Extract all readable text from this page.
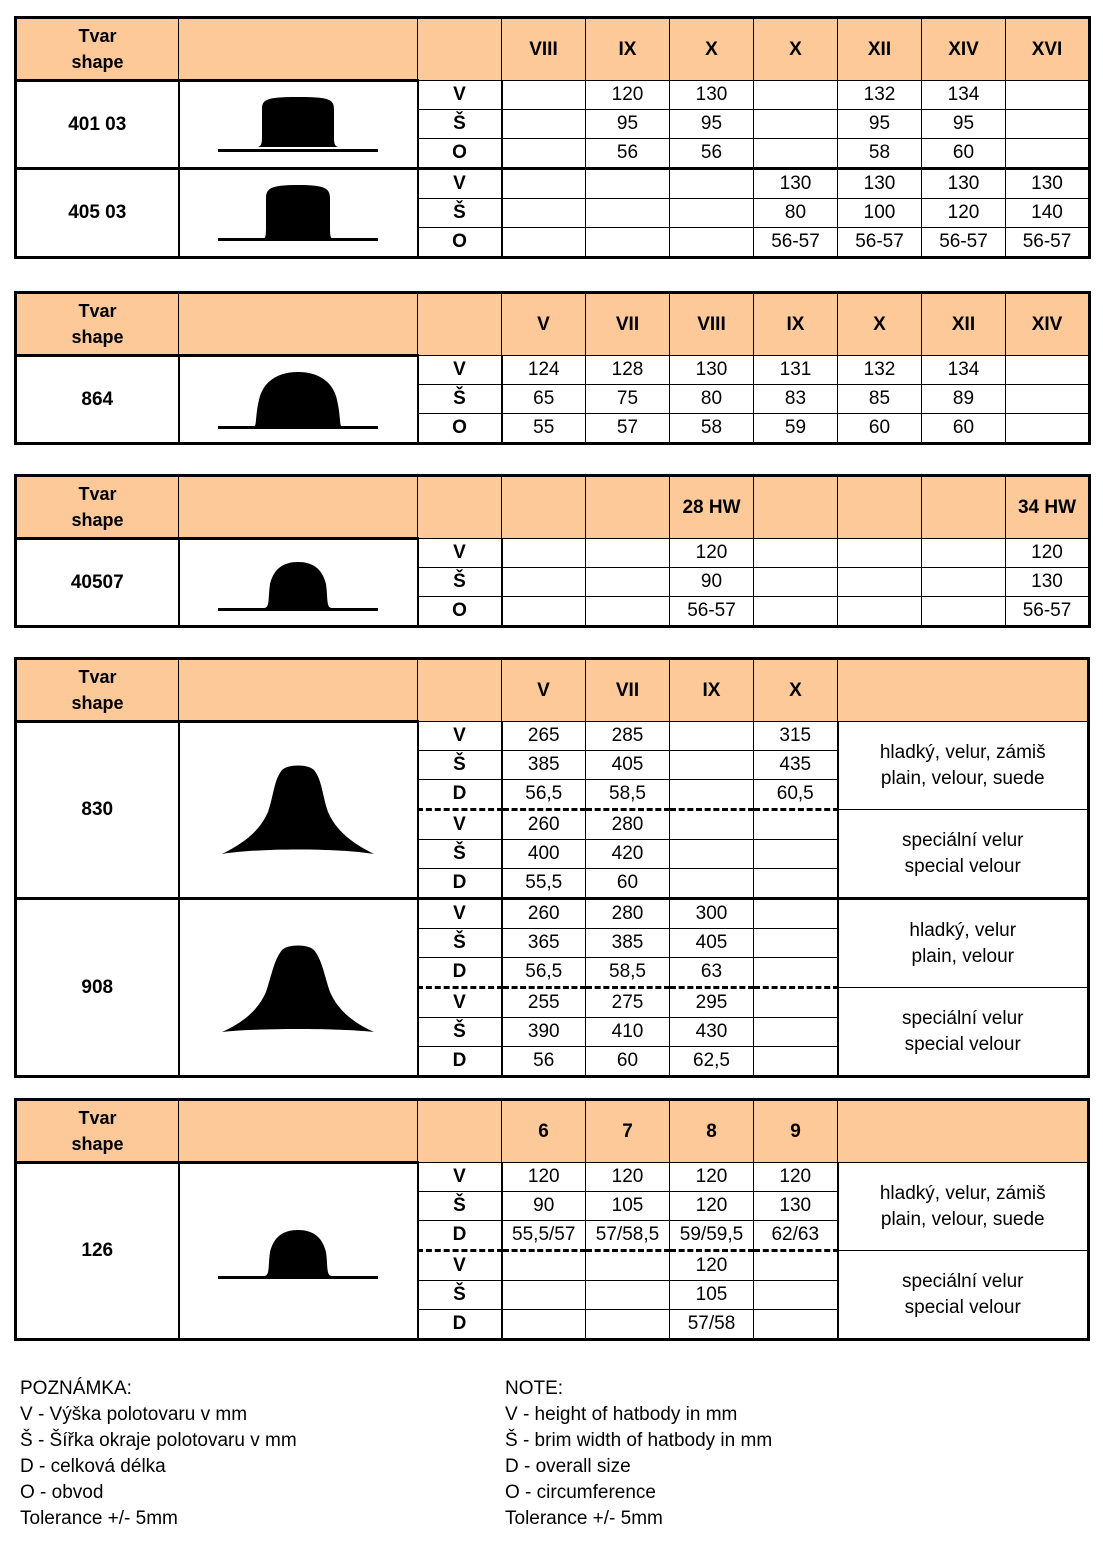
Tvar
shape			VIII	IX	X	X	XII	XIV	XVI
401 03		V		120	130		132	134	
		Š		95	95		95	95	
		O		56	56		58	60	
405 03		V				130	130	130	130
		Š				80	100	120	140
		O				56-57	56-57	56-57	56-57
Tvar
shape			V	VII	VIII	IX	X	XII	XIV
864		V	124	128	130	131	132	134	
		Š	65	75	80	83	85	89	
		O	55	57	58	59	60	60	
Tvar
shape					28 HW				34 HW
40507		V			120				120
		Š			90				130
		O			56-57				56-57
Tvar
shape			V	VII	IX	X	
830		V	265	285		315	hladký, velur, zámiš
plain, velour, suede

		Š	385	405		435	
		D	56,5	58,5		60,5	
		V	260	280			speciální velur
special velour

		Š	400	420			
		D	55,5	60			
908		V	260	280	300		hladký, velur
plain, velour

		Š	365	385	405		
		D	56,5	58,5	63		
		V	255	275	295		speciální velur
special velour

		Š	390	410	430		
		D	56	60	62,5		
Tvar
shape			6	7	8	9	
126		V	120	120	120	120	hladký, velur, zámiš
plain, velour, suede

		Š	90	105	120	130	
		D	55,5/57	57/58,5	59/59,5	62/63	
		V			120		speciální velur
special velour

		Š			105		
		D			57/58		
POZNÁMKA:
V - Výška polotovaru v mm
Š - Šířka okraje polotovaru v mm
D - celková délka
O - obvod
Tolerance +/- 5mm
NOTE:
V - height of hatbody in mm
Š - brim width of hatbody in mm
D - overall size
O - circumference
Tolerance +/- 5mm
